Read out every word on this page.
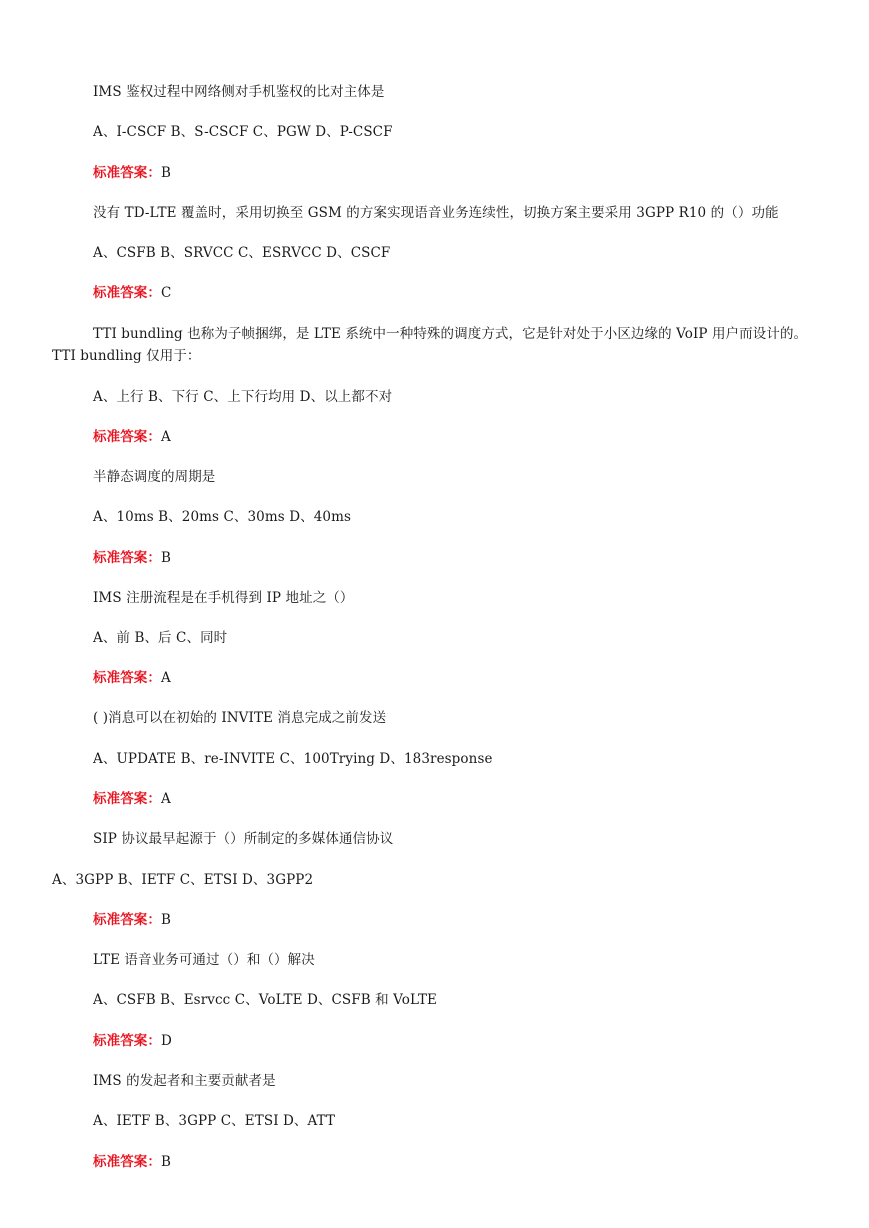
IMS 鉴权过程中网络侧对手机鉴权的比对主体是
A、I-CSCF B、S-CSCF C、PGW D、P-CSCF
标准答案：B
没有 TD-LTE 覆盖时，采用切换至 GSM 的方案实现语音业务连续性，切换方案主要采用 3GPP R10 的（）功能
A、CSFB B、SRVCC C、ESRVCC D、CSCF
标准答案：C
TTI bundling 也称为子帧捆绑，是 LTE 系统中一种特殊的调度方式，它是针对处于小区边缘的 VoIP 用户而设计的。TTI bundling 仅用于：
A、上行 B、下行 C、上下行均用 D、以上都不对
标准答案：A
半静态调度的周期是
A、10ms B、20ms C、30ms D、40ms
标准答案：B
IMS 注册流程是在手机得到 IP 地址之（）
A、前 B、后 C、同时
标准答案：A
( )消息可以在初始的 INVITE 消息完成之前发送
A、UPDATE B、re-INVITE C、100Trying D、183response
标准答案：A
SIP 协议最早起源于（）所制定的多媒体通信协议
A、3GPP B、IETF C、ETSI D、3GPP2
标准答案：B
LTE 语音业务可通过（）和（）解决
A、CSFB B、Esrvcc C、VoLTE D、CSFB 和 VoLTE
标准答案：D
IMS 的发起者和主要贡献者是
A、IETF B、3GPP C、ETSI D、ATT
标准答案：B
